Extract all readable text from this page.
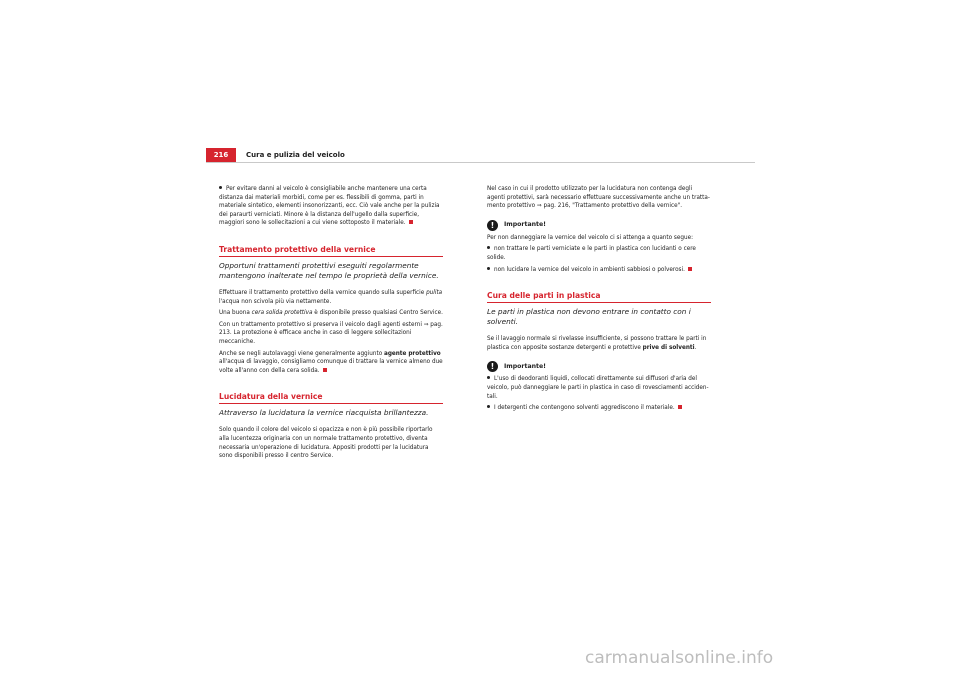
216	Cura e pulizia del veicolo

Per evitare danni al veicolo è consigliabile anche mantenere una certa distanza dai materiali morbidi, come per es. flessibili di gomma, parti in materiale sintetico, elementi insonorizzanti, ecc. Ciò vale anche per la pulizia dei paraurti verniciati. Minore è la distanza dell'ugello dalla superficie, maggiori sono le sollecitazioni a cui viene sottoposto il materiale.

Trattamento protettivo della vernice
Opportuni trattamenti protettivi eseguiti regolarmente mantengono inalterate nel tempo le proprietà della vernice.

Effettuare il trattamento protettivo della vernice quando sulla superficie pulita l'acqua non scivola più via nettamente.

Una buona cera solida protettiva è disponibile presso qualsiasi Centro Service.

Con un trattamento protettivo si preserva il veicolo dagli agenti esterni ⇒ pag. 213. La protezione è efficace anche in caso di leggere sollecitazioni meccaniche.

Anche se negli autolavaggi viene generalmente aggiunto agente protettivo all'acqua di lavaggio, consigliamo comunque di trattare la vernice almeno due volte all'anno con della cera solida.

Lucidatura della vernice
Attraverso la lucidatura la vernice riacquista brillantezza.

Solo quando il colore del veicolo si opacizza e non è più possibile riportarlo alla lucentezza originaria con un normale trattamento protettivo, diventa necessaria un'operazione di lucidatura. Appositi prodotti per la lucidatura sono disponibili presso il centro Service.

Nel caso in cui il prodotto utilizzato per la lucidatura non contenga degli agenti protettivi, sarà necessario effettuare successivamente anche un tratta-mento protettivo ⇒ pag. 216, "Trattamento protettivo della vernice".

!	Importante!

Per non danneggiare la vernice del veicolo ci si attenga a quanto segue:

non trattare le parti verniciate e le parti in plastica con lucidanti o cere solide.

non lucidare la vernice del veicolo in ambienti sabbiosi o polverosi.

Cura delle parti in plastica
Le parti in plastica non devono entrare in contatto con i solventi.

Se il lavaggio normale si rivelasse insufficiente, si possono trattare le parti in plastica con apposite sostanze detergenti e protettive prive di solventi.

!	Importante!

L'uso di deodoranti liquidi, collocati direttamente sui diffusori d'aria del veicolo, può danneggiare le parti in plastica in caso di rovesciamenti acciden-tali.

I detergenti che contengono solventi aggrediscono il materiale.

carmanualsonline.info
